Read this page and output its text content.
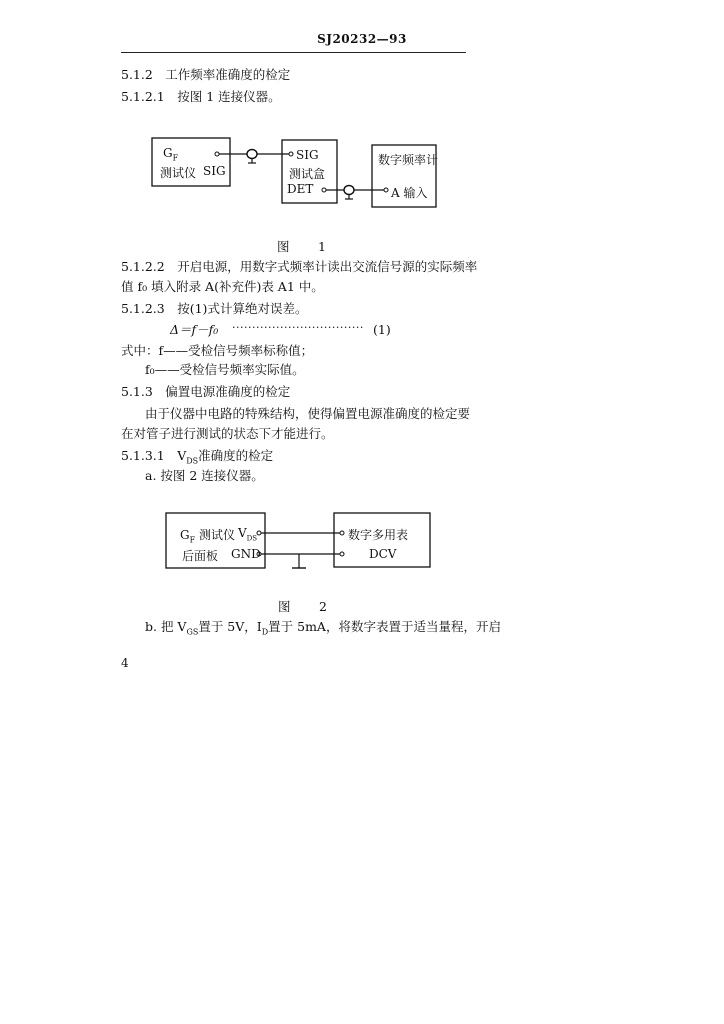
SJ20232—93
5.1.2　工作频率准确度的检定
5.1.2.1　按图 1 连接仪器。
$G_F$
测试仪 SIG
SIG
测试盒
DET
数字频率计
A 输入
图　1
5.1.2.2　开启电源，用数字式频率计读出交流信号源的实际频率
值 f₀ 填入附录 A(补充件)表 A1 中。
5.1.2.3　按(1)式计算绝对误差。
Δ＝f－f₀ ································· (1)
式中：f——受检信号频率标称值；
f₀——受检信号频率实际值。
5.1.3　偏置电源准确度的检定
由于仪器中电路的特殊结构，使得偏置电源准确度的检定要
在对管子进行测试的状态下才能进行。
5.1.3.1　$V_{DS}$准确度的检定
a. 按图 2 连接仪器。
$G_F$ 测试仪 $V_{DS}$
后面板 GND
数字多用表
DCV
图　2
b. 把 $V_{GS}$置于 5V，$I_D$置于 5mA，将数字表置于适当量程，开启
4
